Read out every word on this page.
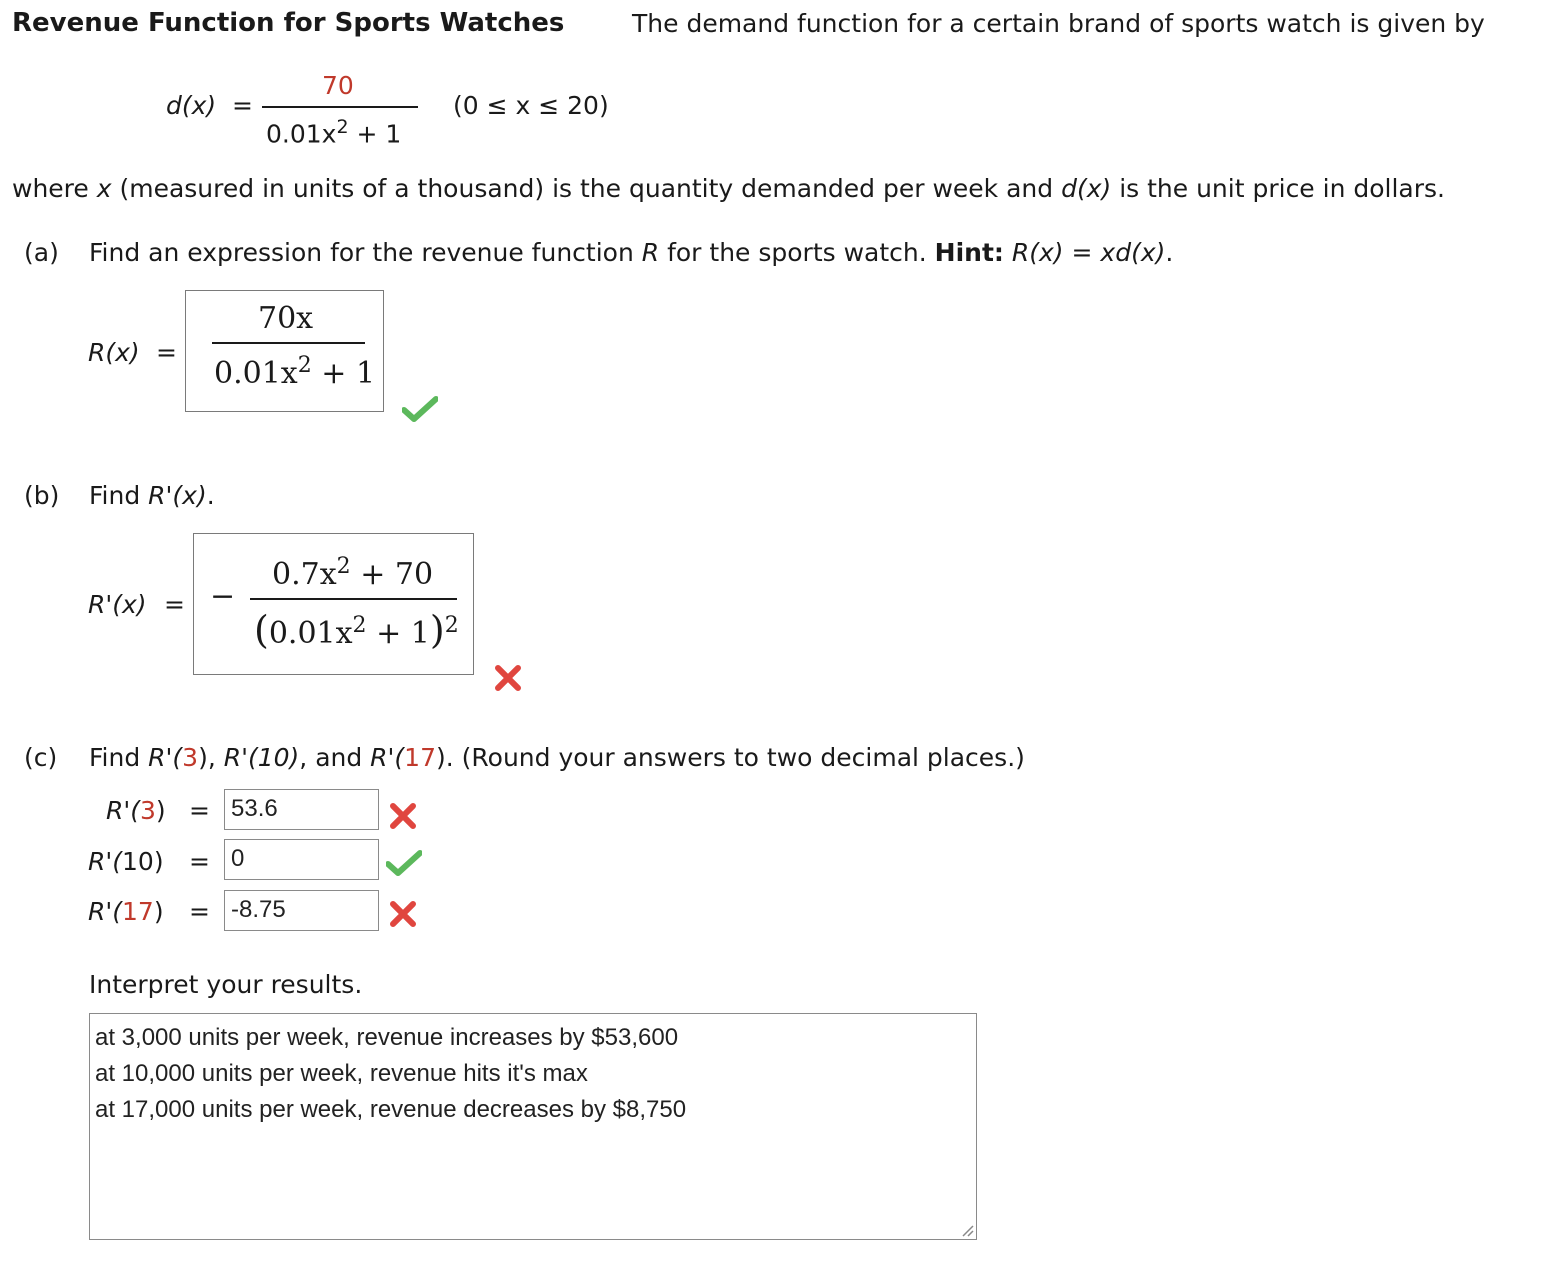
Revenue Function for Sports Watches	The demand function for a certain brand of sports watch is given by
d(x) =
70
$0.01x^2 + 1$
(0 ≤ x ≤ 20)
where x (measured in units of a thousand) is the quantity demanded per week and d(x) is the unit price in dollars.
(a) Find an expression for the revenue function R for the sports watch. Hint: R(x) = xd(x).
R(x) =
70x
$0.01x^2 + 1$
(b) Find R'(x).
R'(x) = −
$0.7x^2 + 70$
$(0.01x^2 + 1)^2$
(c) Find R'(3), R'(10), and R'(17). (Round your answers to two decimal places.)
R'(3) = 53.6
R'(10) = 0
R'(17) = -8.75
Interpret your results.
at 3,000 units per week, revenue increases by $53,600
at 10,000 units per week, revenue hits it's max
at 17,000 units per week, revenue decreases by $8,750
